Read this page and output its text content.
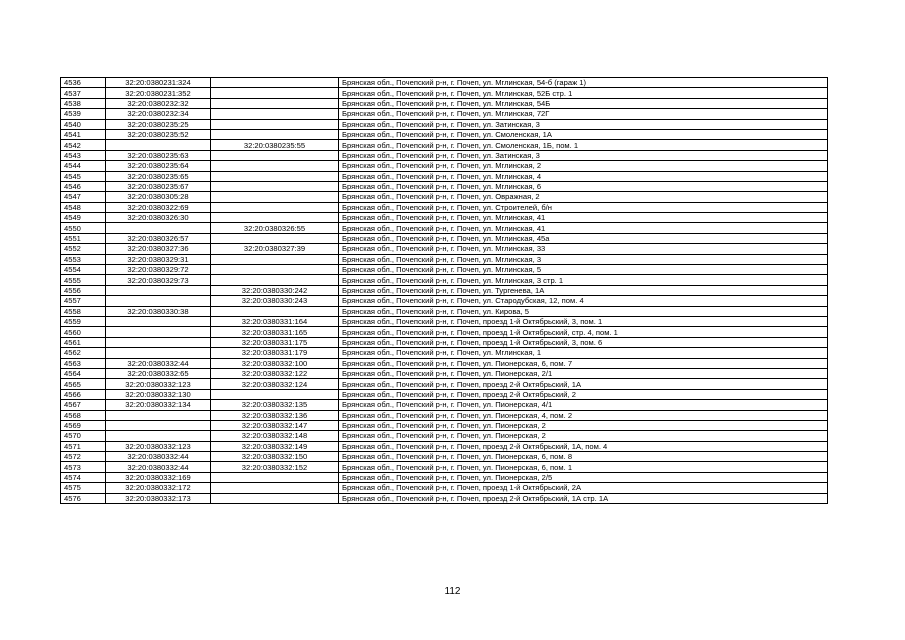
4536	32:20:0380231:324		Брянская обл., Почепский р-н, г. Почеп, ул. Мглинская, 54-б (гараж 1)
4537	32:20:0380231:352		Брянская обл., Почепский р-н, г. Почеп, ул. Мглинская, 52Б стр. 1
4538	32:20:0380232:32		Брянская обл., Почепский р-н, г. Почеп, ул. Мглинская, 54Б
4539	32:20:0380232:34		Брянская обл., Почепский р-н, г. Почеп, ул. Мглинская, 72Г
4540	32:20:0380235:25		Брянская обл., Почепский р-н, г. Почеп, ул. Затинская, 3
4541	32:20:0380235:52		Брянская обл., Почепский р-н, г. Почеп, ул. Смоленская, 1А
4542		32:20:0380235:55	Брянская обл., Почепский р-н, г. Почеп, ул. Смоленская, 1Б, пом. 1
4543	32:20:0380235:63		Брянская обл., Почепский р-н, г. Почеп, ул. Затинская, 3
4544	32:20:0380235:64		Брянская обл., Почепский р-н, г. Почеп, ул. Мглинская, 2
4545	32:20:0380235:65		Брянская обл., Почепский р-н, г. Почеп, ул. Мглинская, 4
4546	32:20:0380235:67		Брянская обл., Почепский р-н, г. Почеп, ул. Мглинская, 6
4547	32:20:0380305:28		Брянская обл., Почепский р-н, г. Почеп, ул. Овражная, 2
4548	32:20:0380322:69		Брянская обл., Почепский р-н, г. Почеп, ул. Строителей, б/н
4549	32:20:0380326:30		Брянская обл., Почепский р-н, г. Почеп, ул. Мглинская, 41
4550		32:20:0380326:55	Брянская обл., Почепский р-н, г. Почеп, ул. Мглинская, 41
4551	32:20:0380326:57		Брянская обл., Почепский р-н, г. Почеп, ул. Мглинская, 45а
4552	32:20:0380327:36	32:20:0380327:39	Брянская обл., Почепский р-н, г. Почеп, ул. Мглинская, 33
4553	32:20:0380329:31		Брянская обл., Почепский р-н, г. Почеп, ул. Мглинская, 3
4554	32:20:0380329:72		Брянская обл., Почепский р-н, г. Почеп, ул. Мглинская, 5
4555	32:20:0380329:73		Брянская обл., Почепский р-н, г. Почеп, ул. Мглинская, 3 стр. 1
4556		32:20:0380330:242	Брянская обл., Почепский р-н, г. Почеп, ул. Тургенева, 1А
4557		32:20:0380330:243	Брянская обл., Почепский р-н, г. Почеп, ул. Стародубская, 12, пом. 4
4558	32:20:0380330:38		Брянская обл., Почепский р-н, г. Почеп, ул. Кирова, 5
4559		32:20:0380331:164	Брянская обл., Почепский р-н, г. Почеп, проезд 1-й Октябрьский, 3, пом. 1
4560		32:20:0380331:165	Брянская обл., Почепский р-н, г. Почеп, проезд 1-й Октябрьский, стр. 4, пом. 1
4561		32:20:0380331:175	Брянская обл., Почепский р-н, г. Почеп, проезд 1-й Октябрьский, 3, пом. 6
4562		32:20:0380331:179	Брянская обл., Почепский р-н, г. Почеп, ул. Мглинская, 1
4563	32:20:0380332:44	32:20:0380332:100	Брянская обл., Почепский р-н, г. Почеп, ул. Пионерская, 6, пом. 7
4564	32:20:0380332:65	32:20:0380332:122	Брянская обл., Почепский р-н, г. Почеп, ул. Пионерская, 2/1
4565	32:20:0380332:123	32:20:0380332:124	Брянская обл., Почепский р-н, г. Почеп, проезд 2-й Октябрьский, 1А
4566	32:20:0380332:130		Брянская обл., Почепский р-н, г. Почеп, проезд 2-й Октябрьский, 2
4567	32:20:0380332:134	32:20:0380332:135	Брянская обл., Почепский р-н, г. Почеп, ул. Пионерская, 4/1
4568		32:20:0380332:136	Брянская обл., Почепский р-н, г. Почеп, ул. Пионерская, 4, пом. 2
4569		32:20:0380332:147	Брянская обл., Почепский р-н, г. Почеп, ул. Пионерская, 2
4570		32:20:0380332:148	Брянская обл., Почепский р-н, г. Почеп, ул. Пионерская, 2
4571	32:20:0380332:123	32:20:0380332:149	Брянская обл., Почепский р-н, г. Почеп, проезд 2-й Октябрьский, 1А, пом. 4
4572	32:20:0380332:44	32:20:0380332:150	Брянская обл., Почепский р-н, г. Почеп, ул. Пионерская, 6, пом. 8
4573	32:20:0380332:44	32:20:0380332:152	Брянская обл., Почепский р-н, г. Почеп, ул. Пионерская, 6, пом. 1
4574	32:20:0380332:169		Брянская обл., Почепский р-н, г. Почеп, ул. Пионерская, 2/5
4575	32:20:0380332:172		Брянская обл., Почепский р-н, г. Почеп, проезд 1-й Октябрьский, 2А
4576	32:20:0380332:173		Брянская обл., Почепский р-н, г. Почеп, проезд 2-й Октябрьский, 1А стр. 1А
112
